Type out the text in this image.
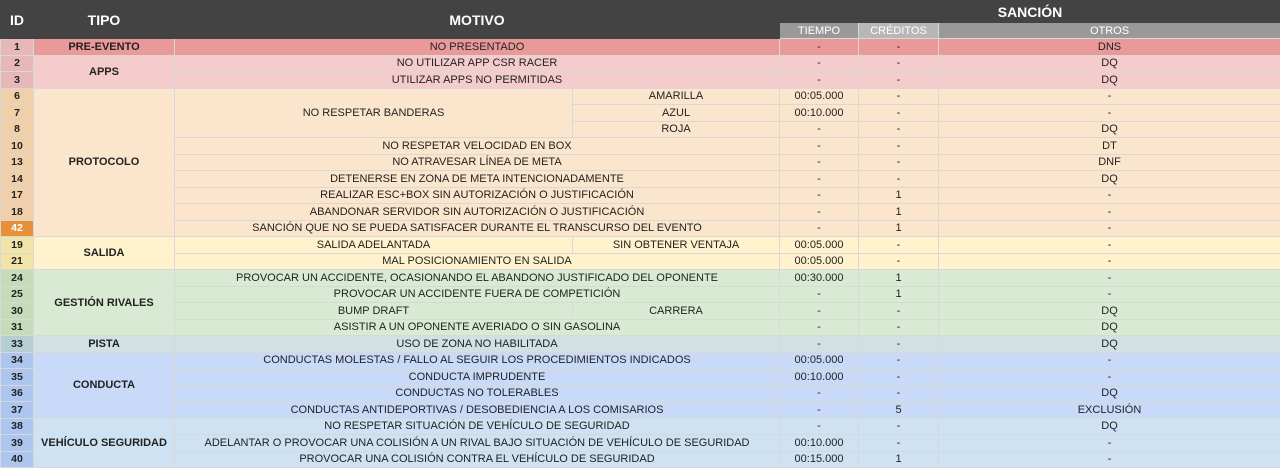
ID	TIPO	MOTIVO		SANCIÓN		
				TIEMPO	CRÉDITOS	OTROS
1	PRE-EVENTO	NO PRESENTADO		-	-	DNS
2	APPS	NO UTILIZAR APP CSR RACER		-	-	DQ
3		UTILIZAR APPS NO PERMITIDAS		-	-	DQ
6	PROTOCOLO	NO RESPETAR BANDERAS	AMARILLA	00:05.000	-	-
7			AZUL	00:10.000	-	-
8			ROJA	-	-	DQ
10		NO RESPETAR VELOCIDAD EN BOX		-	-	DT
13		NO ATRAVESAR LÍNEA DE META		-	-	DNF
14		DETENERSE EN ZONA DE META INTENCIONADAMENTE		-	-	DQ
17		REALIZAR ESC+BOX SIN AUTORIZACIÓN O JUSTIFICACIÓN		-	1	-
18		ABANDONAR SERVIDOR SIN AUTORIZACIÓN O JUSTIFICACIÓN		-	1	-
42		SANCIÓN QUE NO SE PUEDA SATISFACER DURANTE EL TRANSCURSO DEL EVENTO		-	1	-
19	SALIDA	SALIDA ADELANTADA	SIN OBTENER VENTAJA	00:05.000	-	-
21		MAL POSICIONAMIENTO EN SALIDA		00:05.000	-	-
24	GESTIÓN RIVALES	PROVOCAR UN ACCIDENTE, OCASIONANDO EL ABANDONO JUSTIFICADO DEL OPONENTE		00:30.000	1	-
25		PROVOCAR UN ACCIDENTE FUERA DE COMPETICIÓN		-	1	-
30		BUMP DRAFT	CARRERA	-	-	DQ
31		ASISTIR A UN OPONENTE AVERIADO O SIN GASOLINA		-	-	DQ
33	PISTA	USO DE ZONA NO HABILITADA		-	-	DQ
34	CONDUCTA	CONDUCTAS MOLESTAS / FALLO AL SEGUIR LOS PROCEDIMIENTOS INDICADOS		00:05.000	-	-
35		CONDUCTA IMPRUDENTE		00:10.000	-	-
36		CONDUCTAS NO TOLERABLES		-	-	DQ
37		CONDUCTAS ANTIDEPORTIVAS / DESOBEDIENCIA A LOS COMISARIOS		-	5	EXCLUSIÓN
38	VEHÍCULO SEGURIDAD	NO RESPETAR SITUACIÓN DE VEHÍCULO DE SEGURIDAD		-	-	DQ
39		ADELANTAR O PROVOCAR UNA COLISIÓN A UN RIVAL BAJO SITUACIÓN DE VEHÍCULO DE SEGURIDAD		00:10.000	-	-
40		PROVOCAR UNA COLISIÓN CONTRA EL VEHÍCULO DE SEGURIDAD		00:15.000	1	-
